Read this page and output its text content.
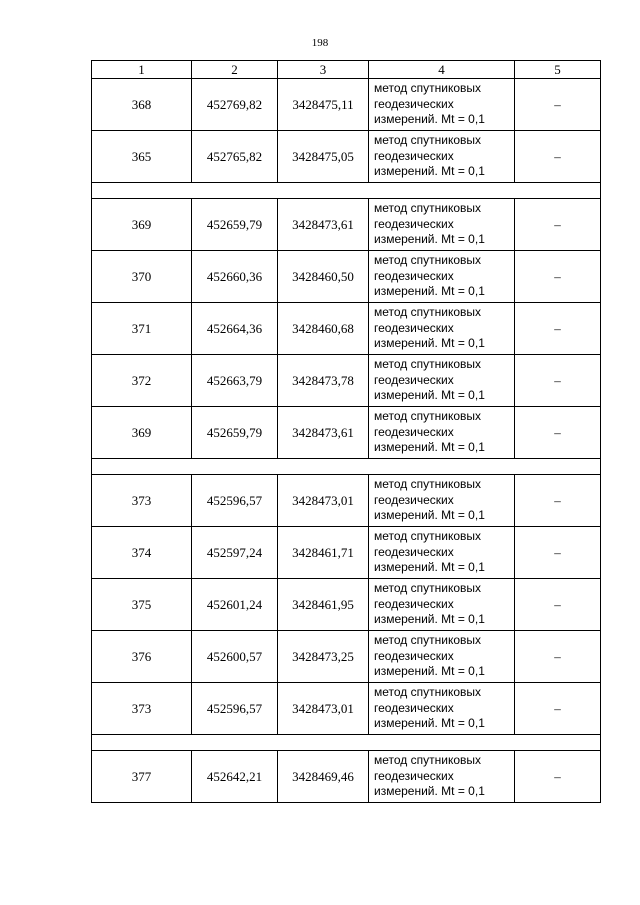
198
1	2	3	4	5
368	452769,82	3428475,11	метод спутниковых
геодезических
измерений. Mt = 0,1	–
365	452765,82	3428475,05	метод спутниковых
геодезических
измерений. Mt = 0,1	–

369	452659,79	3428473,61	метод спутниковых
геодезических
измерений. Mt = 0,1	–
370	452660,36	3428460,50	метод спутниковых
геодезических
измерений. Mt = 0,1	–
371	452664,36	3428460,68	метод спутниковых
геодезических
измерений. Mt = 0,1	–
372	452663,79	3428473,78	метод спутниковых
геодезических
измерений. Mt = 0,1	–
369	452659,79	3428473,61	метод спутниковых
геодезических
измерений. Mt = 0,1	–

373	452596,57	3428473,01	метод спутниковых
геодезических
измерений. Mt = 0,1	–
374	452597,24	3428461,71	метод спутниковых
геодезических
измерений. Mt = 0,1	–
375	452601,24	3428461,95	метод спутниковых
геодезических
измерений. Mt = 0,1	–
376	452600,57	3428473,25	метод спутниковых
геодезических
измерений. Mt = 0,1	–
373	452596,57	3428473,01	метод спутниковых
геодезических
измерений. Mt = 0,1	–

377	452642,21	3428469,46	метод спутниковых
геодезических
измерений. Mt = 0,1	–
